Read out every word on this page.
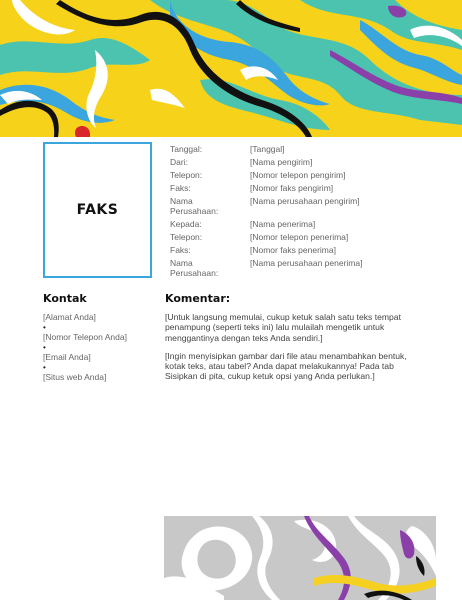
FAKS
Tanggal:	[Tanggal]
Dari:	[Nama pengirim]
Telepon:	[Nomor telepon pengirim]
Faks:	[Nomor faks pengirim]
Nama Perusahaan:
[Nama perusahaan pengirim]
Kepada:	[Nama penerima]
Telepon:	[Nomor telepon penerima]
Faks:	[Nomor faks penerima]
Nama Perusahaan:
[Nama perusahaan penerima]
Kontak
[Alamat Anda]
•
[Nomor Telepon Anda]
•
[Email Anda]
•
[Situs web Anda]
Komentar:

[Untuk langsung memulai, cukup ketuk salah satu teks tempat penampung (seperti teks ini) lalu mulailah mengetik untuk menggantinya dengan teks Anda sendiri.]

[Ingin menyisipkan gambar dari file atau menambahkan bentuk, kotak teks, atau tabel? Anda dapat melakukannya! Pada tab Sisipkan di pita, cukup ketuk opsi yang Anda perlukan.]
